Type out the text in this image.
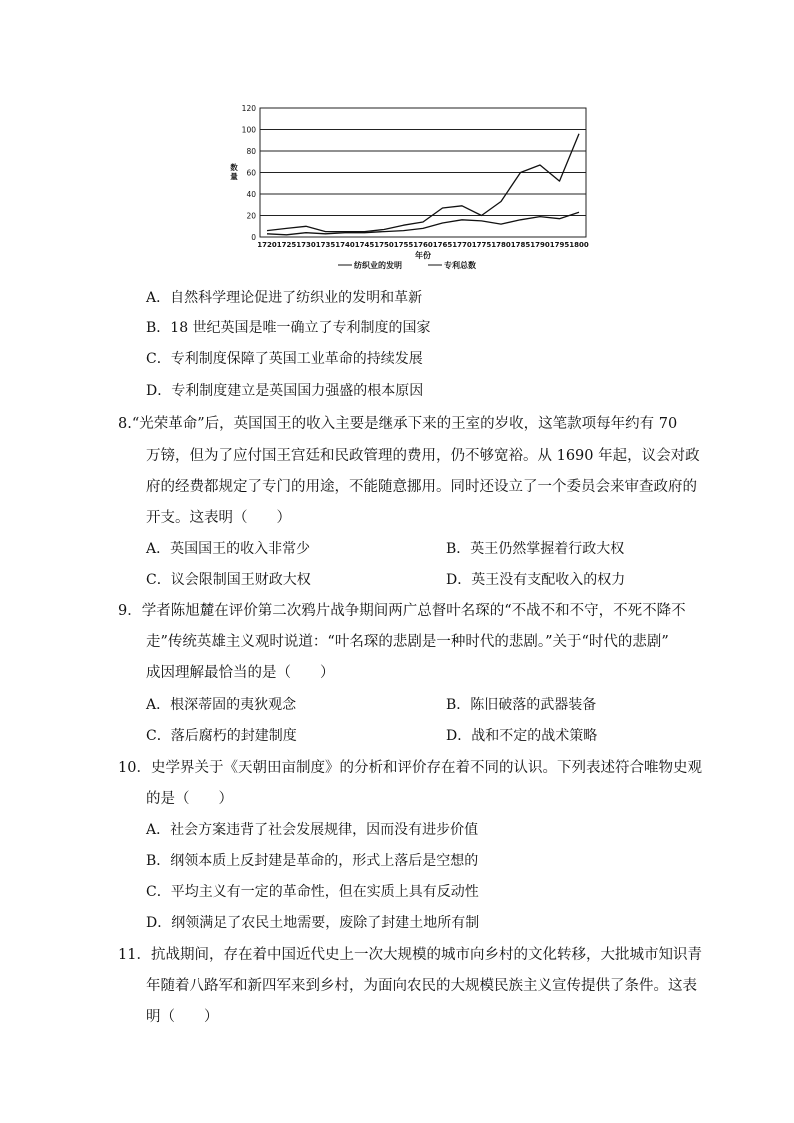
0
20
40
60
80
100
120
数
量
1720 1725 1730 1735 1740 1745 1750 1755 1760 1765 1770 1775 1780 1785 1790 1795 1800
年份
纺织业的发明	专利总数
A．自然科学理论促进了纺织业的发明和革新
B．18 世纪英国是唯一确立了专利制度的国家
C．专利制度保障了英国工业革命的持续发展
D．专利制度建立是英国国力强盛的根本原因
8.“光荣革命”后，英国国王的收入主要是继承下来的王室的岁收，这笔款项每年约有 70
万镑，但为了应付国王宫廷和民政管理的费用，仍不够宽裕。从 1690 年起，议会对政
府的经费都规定了专门的用途，不能随意挪用。同时还设立了一个委员会来审查政府的
开支。这表明（　　）
A．英国国王的收入非常少	B．英王仍然掌握着行政大权
C．议会限制国王财政大权	D．英王没有支配收入的权力
9．学者陈旭麓在评价第二次鸦片战争期间两广总督叶名琛的“不战不和不守，不死不降不
走”传统英雄主义观时说道：“叶名琛的悲剧是一种时代的悲剧。”关于“时代的悲剧”
成因理解最恰当的是（　　）
A．根深蒂固的夷狄观念	B．陈旧破落的武器装备
C．落后腐朽的封建制度	D．战和不定的战术策略
10．史学界关于《天朝田亩制度》的分析和评价存在着不同的认识。下列表述符合唯物史观
的是（　　）
A．社会方案违背了社会发展规律，因而没有进步价值
B．纲领本质上反封建是革命的，形式上落后是空想的
C．平均主义有一定的革命性，但在实质上具有反动性
D．纲领满足了农民土地需要，废除了封建土地所有制
11．抗战期间，存在着中国近代史上一次大规模的城市向乡村的文化转移，大批城市知识青
年随着八路军和新四军来到乡村，为面向农民的大规模民族主义宣传提供了条件。这表
明（　　）
